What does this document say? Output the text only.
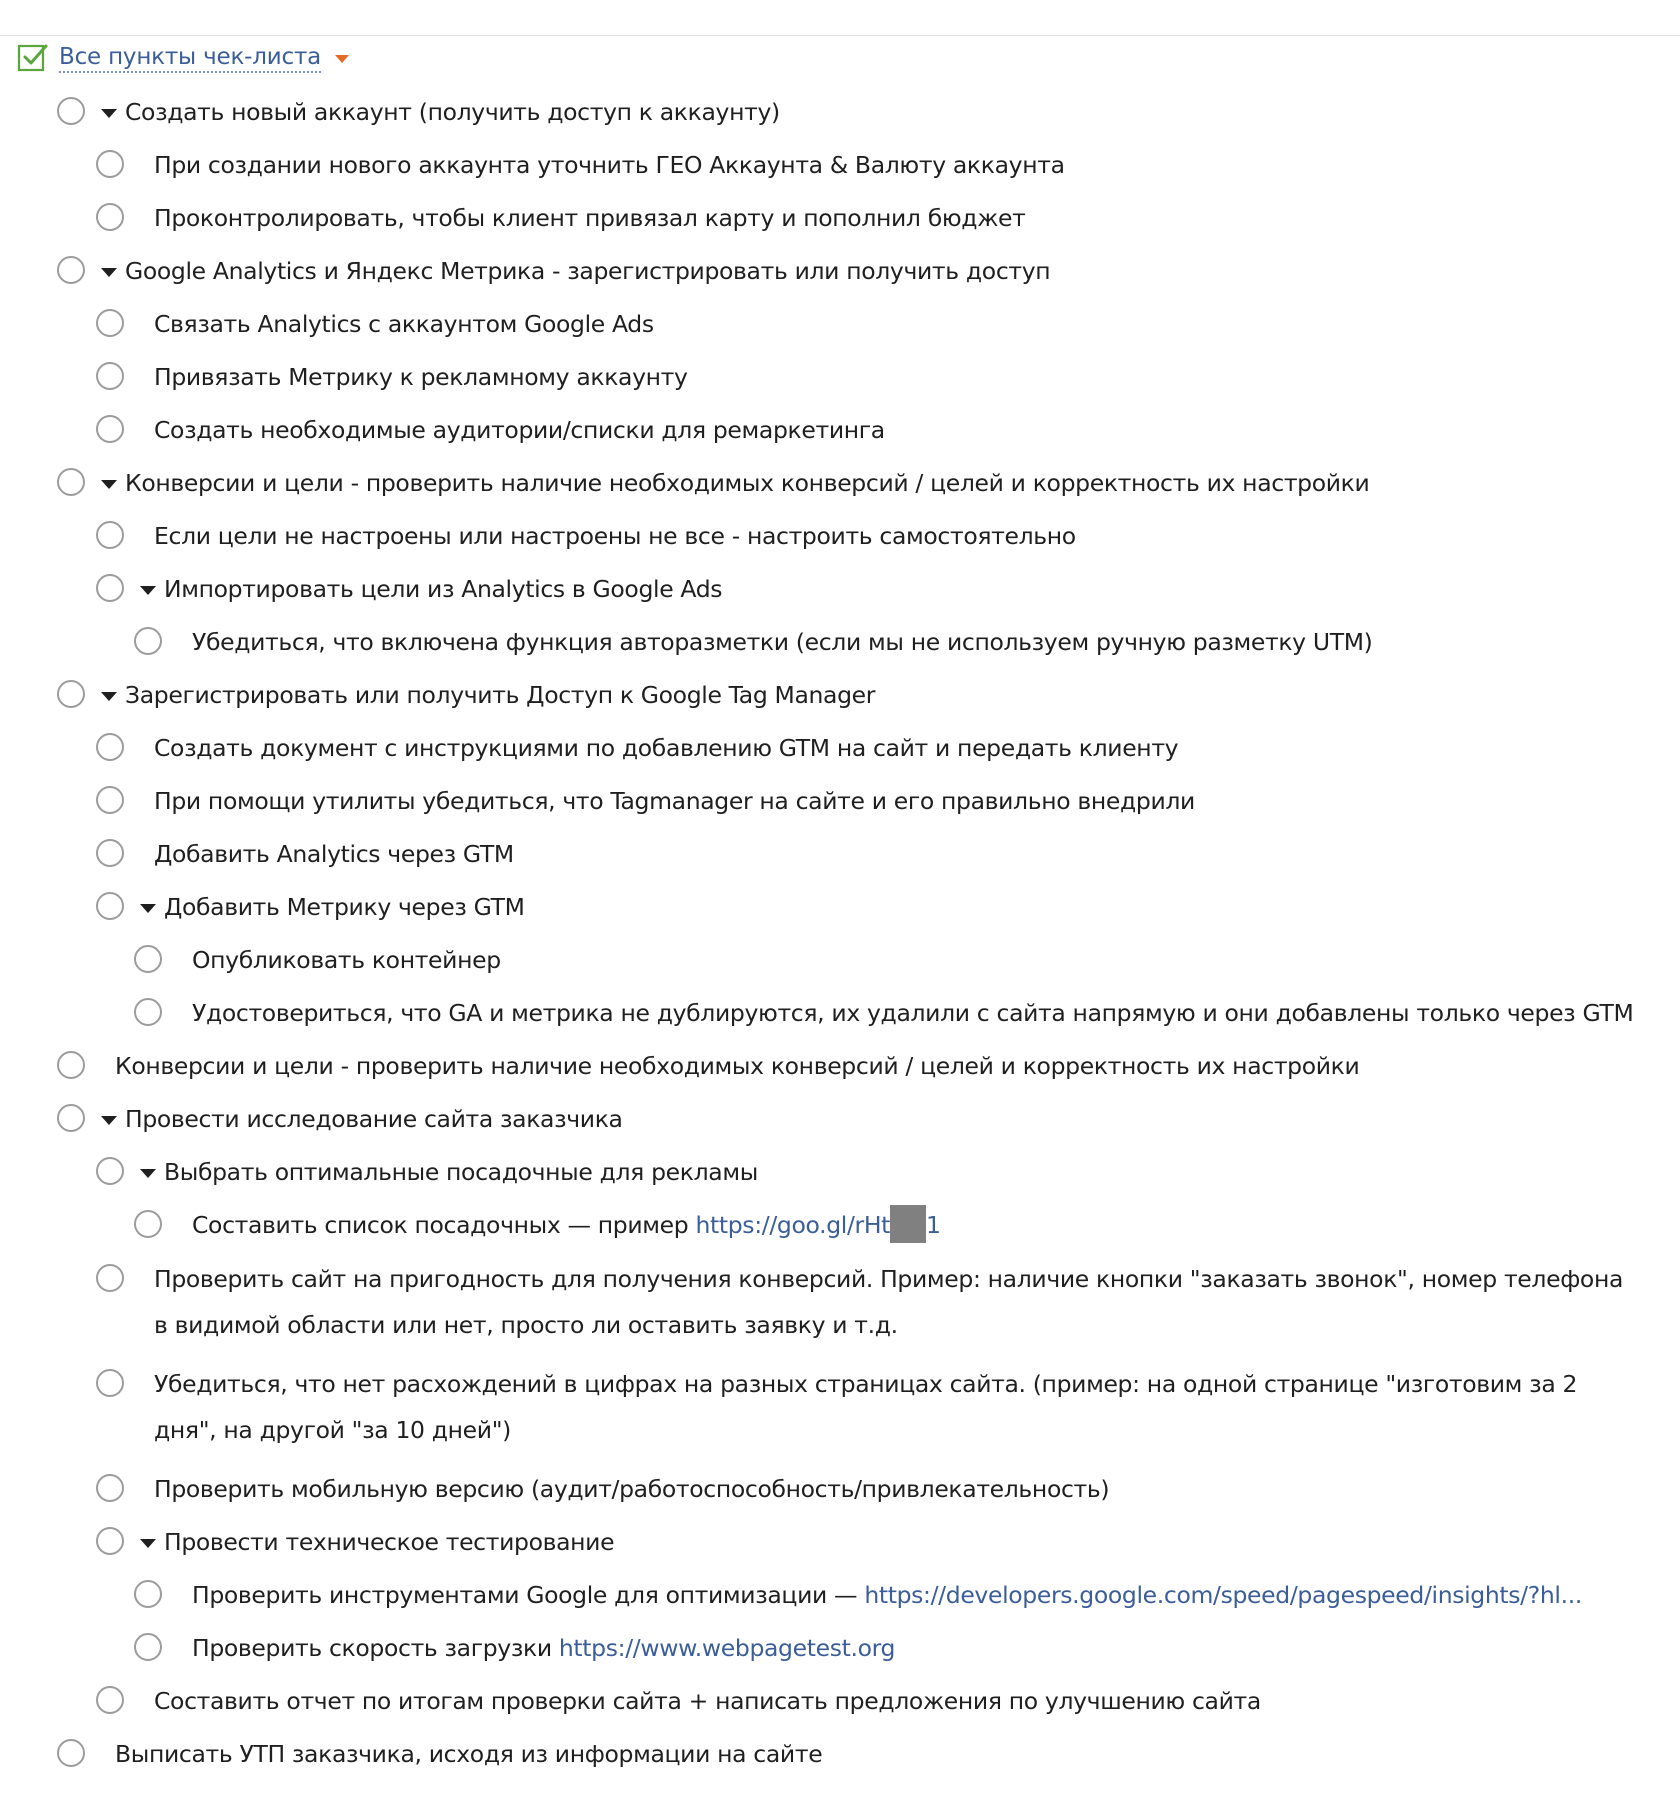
Все пункты чек-листа
Создать новый аккаунт (получить доступ к аккаунту)
При создании нового аккаунта уточнить ГЕО Аккаунта & Валюту аккаунта
Проконтролировать, чтобы клиент привязал карту и пополнил бюджет
Google Analytics и Яндекс Метрика - зарегистрировать или получить доступ
Связать Analytics с аккаунтом Google Ads
Привязать Метрику к рекламному аккаунту
Создать необходимые аудитории/списки для ремаркетинга
Конверсии и цели - проверить наличие необходимых конверсий / целей и корректность их настройки
Если цели не настроены или настроены не все - настроить самостоятельно
Импортировать цели из Analytics в Google Ads
Убедиться, что включена функция авторазметки (если мы не используем ручную разметку UTM)
Зарегистрировать или получить Доступ к Google Tag Manager
Создать документ с инструкциями по добавлению GTM на сайт и передать клиенту
При помощи утилиты убедиться, что Tagmanager на сайте и его правильно внедрили
Добавить Analytics через GTM
Добавить Метрику через GTM
Опубликовать контейнер
Удостовериться, что GA и метрика не дублируются, их удалили с сайта напрямую и они добавлены только через GTM
Конверсии и цели - проверить наличие необходимых конверсий / целей и корректность их настройки
Провести исследование сайта заказчика
Выбрать оптимальные посадочные для рекламы
Составить список посадочных — пример https://goo.gl/rHt 1
Проверить сайт на пригодность для получения конверсий. Пример: наличие кнопки "заказать звонок", номер телефона в видимой области или нет, просто ли оставить заявку и т.д.
Убедиться, что нет расхождений в цифрах на разных страницах сайта. (пример: на одной странице "изготовим за 2 дня", на другой "за 10 дней")
Проверить мобильную версию (аудит/работоспособность/привлекательность)
Провести техническое тестирование
Проверить инструментами Google для оптимизации — https://developers.google.com/speed/pagespeed/insights/?hl...
Проверить скорость загрузки https://www.webpagetest.org
Составить отчет по итогам проверки сайта + написать предложения по улучшению сайта
Выписать УТП заказчика, исходя из информации на сайте
